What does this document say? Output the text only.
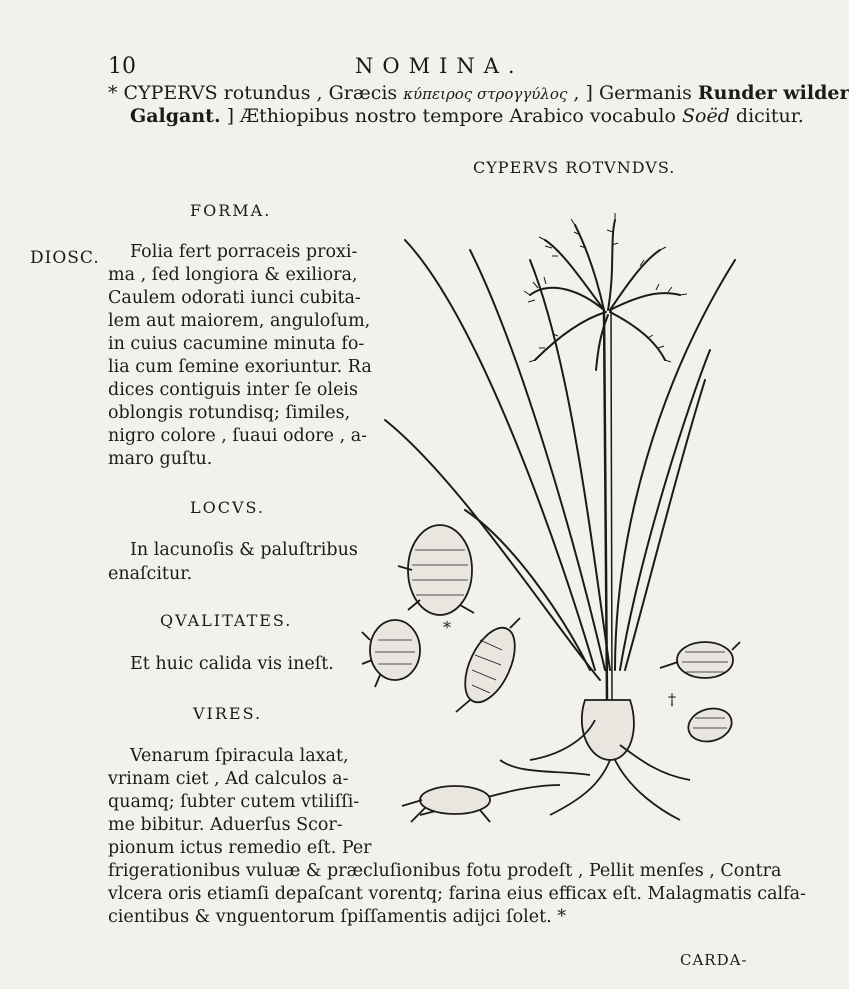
10	NOMINA.
* CYPERVS rotundus , Græcis κύπειρος στρογγύλος , ] Germanis Runder wilder
Galgant. ] Æthiopibus nostro tempore Arabico vocabulo Soëd dicitur.
CYPERVS ROTVNDVS.
FORMA.
DIOSC. Folia fert porraceis proxi-
ma , ſed longiora & exiliora,
Caulem odorati iunci cubita-
lem aut maiorem, anguloſum,
in cuius cacumine minuta fo-
lia cum ſemine exoriuntur. Ra
dices contiguis inter ſe oleis
oblongis rotundisq; ſimiles,
nigro colore , ſuaui odore , a-
maro guſtu.
LOCVS.
In lacunoſis & paluſtribus
enaſcitur.
QVALITATES.
Et huic calida vis ineſt.
VIRES.
Venarum ſpiracula laxat,
vrinam ciet , Ad calculos a-
quamq; ſubter cutem vtiliſſi-
me bibitur. Aduerſus Scor-
pionum ictus remedio eſt. Per
frigerationibus vuluæ & præcluſionibus fotu prodeſt , Pellit menſes , Contra
vlcera oris etiamſi depaſcant vorentq; farina eius efficax eſt. Malagmatis calfa-
cientibus & vnguentorum ſpiſſamentis adijci ſolet. *
CARDA-
*
†
